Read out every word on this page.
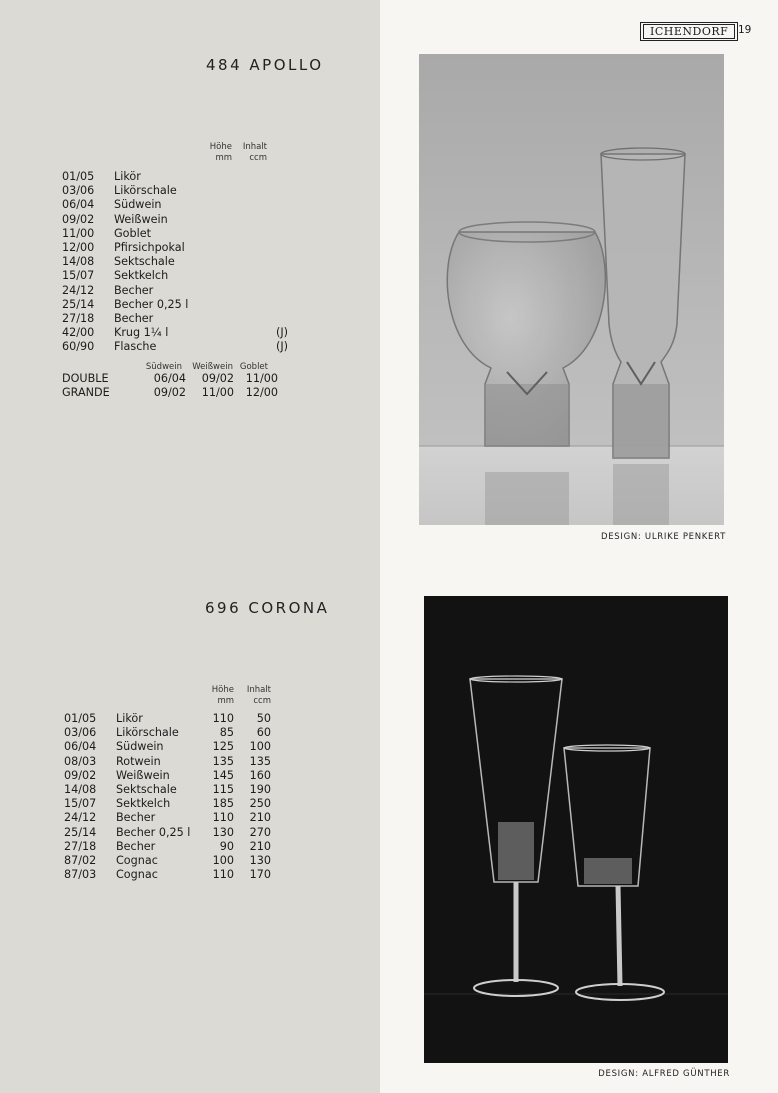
484 APOLLO
Höhe
mm
Inhalt
ccm
01/05 Likör
03/06 Likörschale
06/04 Südwein
09/02 Weißwein
11/00 Goblet
12/00 Pfirsichpokal
14/08 Sektschale
15/07 Sektkelch
24/12 Becher
25/14 Becher 0,25 l
27/18 Becher
42/00 Krug 1¼ l	(J)
60/90 Flasche	(J)
Südwein	Weißwein Goblet
DOUBLE	06/04 09/02 11/00
GRANDE	09/02 11/00 12/00
696 CORONA
Höhe
mm
Inhalt
ccm
01/05 Likör	110 50
03/06 Likörschale	85 60
06/04 Südwein	125 100
08/03 Rotwein	135 135
09/02 Weißwein	145 160
14/08 Sektschale	115 190
15/07 Sektkelch	185 250
24/12 Becher	110 210
25/14 Becher 0,25 l 130 270
27/18 Becher	90 210
87/02 Cognac	100 130
87/03 Cognac	110 170
ICHENDORF 19
DESIGN: ULRIKE PENKERT
DESIGN: ALFRED GÜNTHER
